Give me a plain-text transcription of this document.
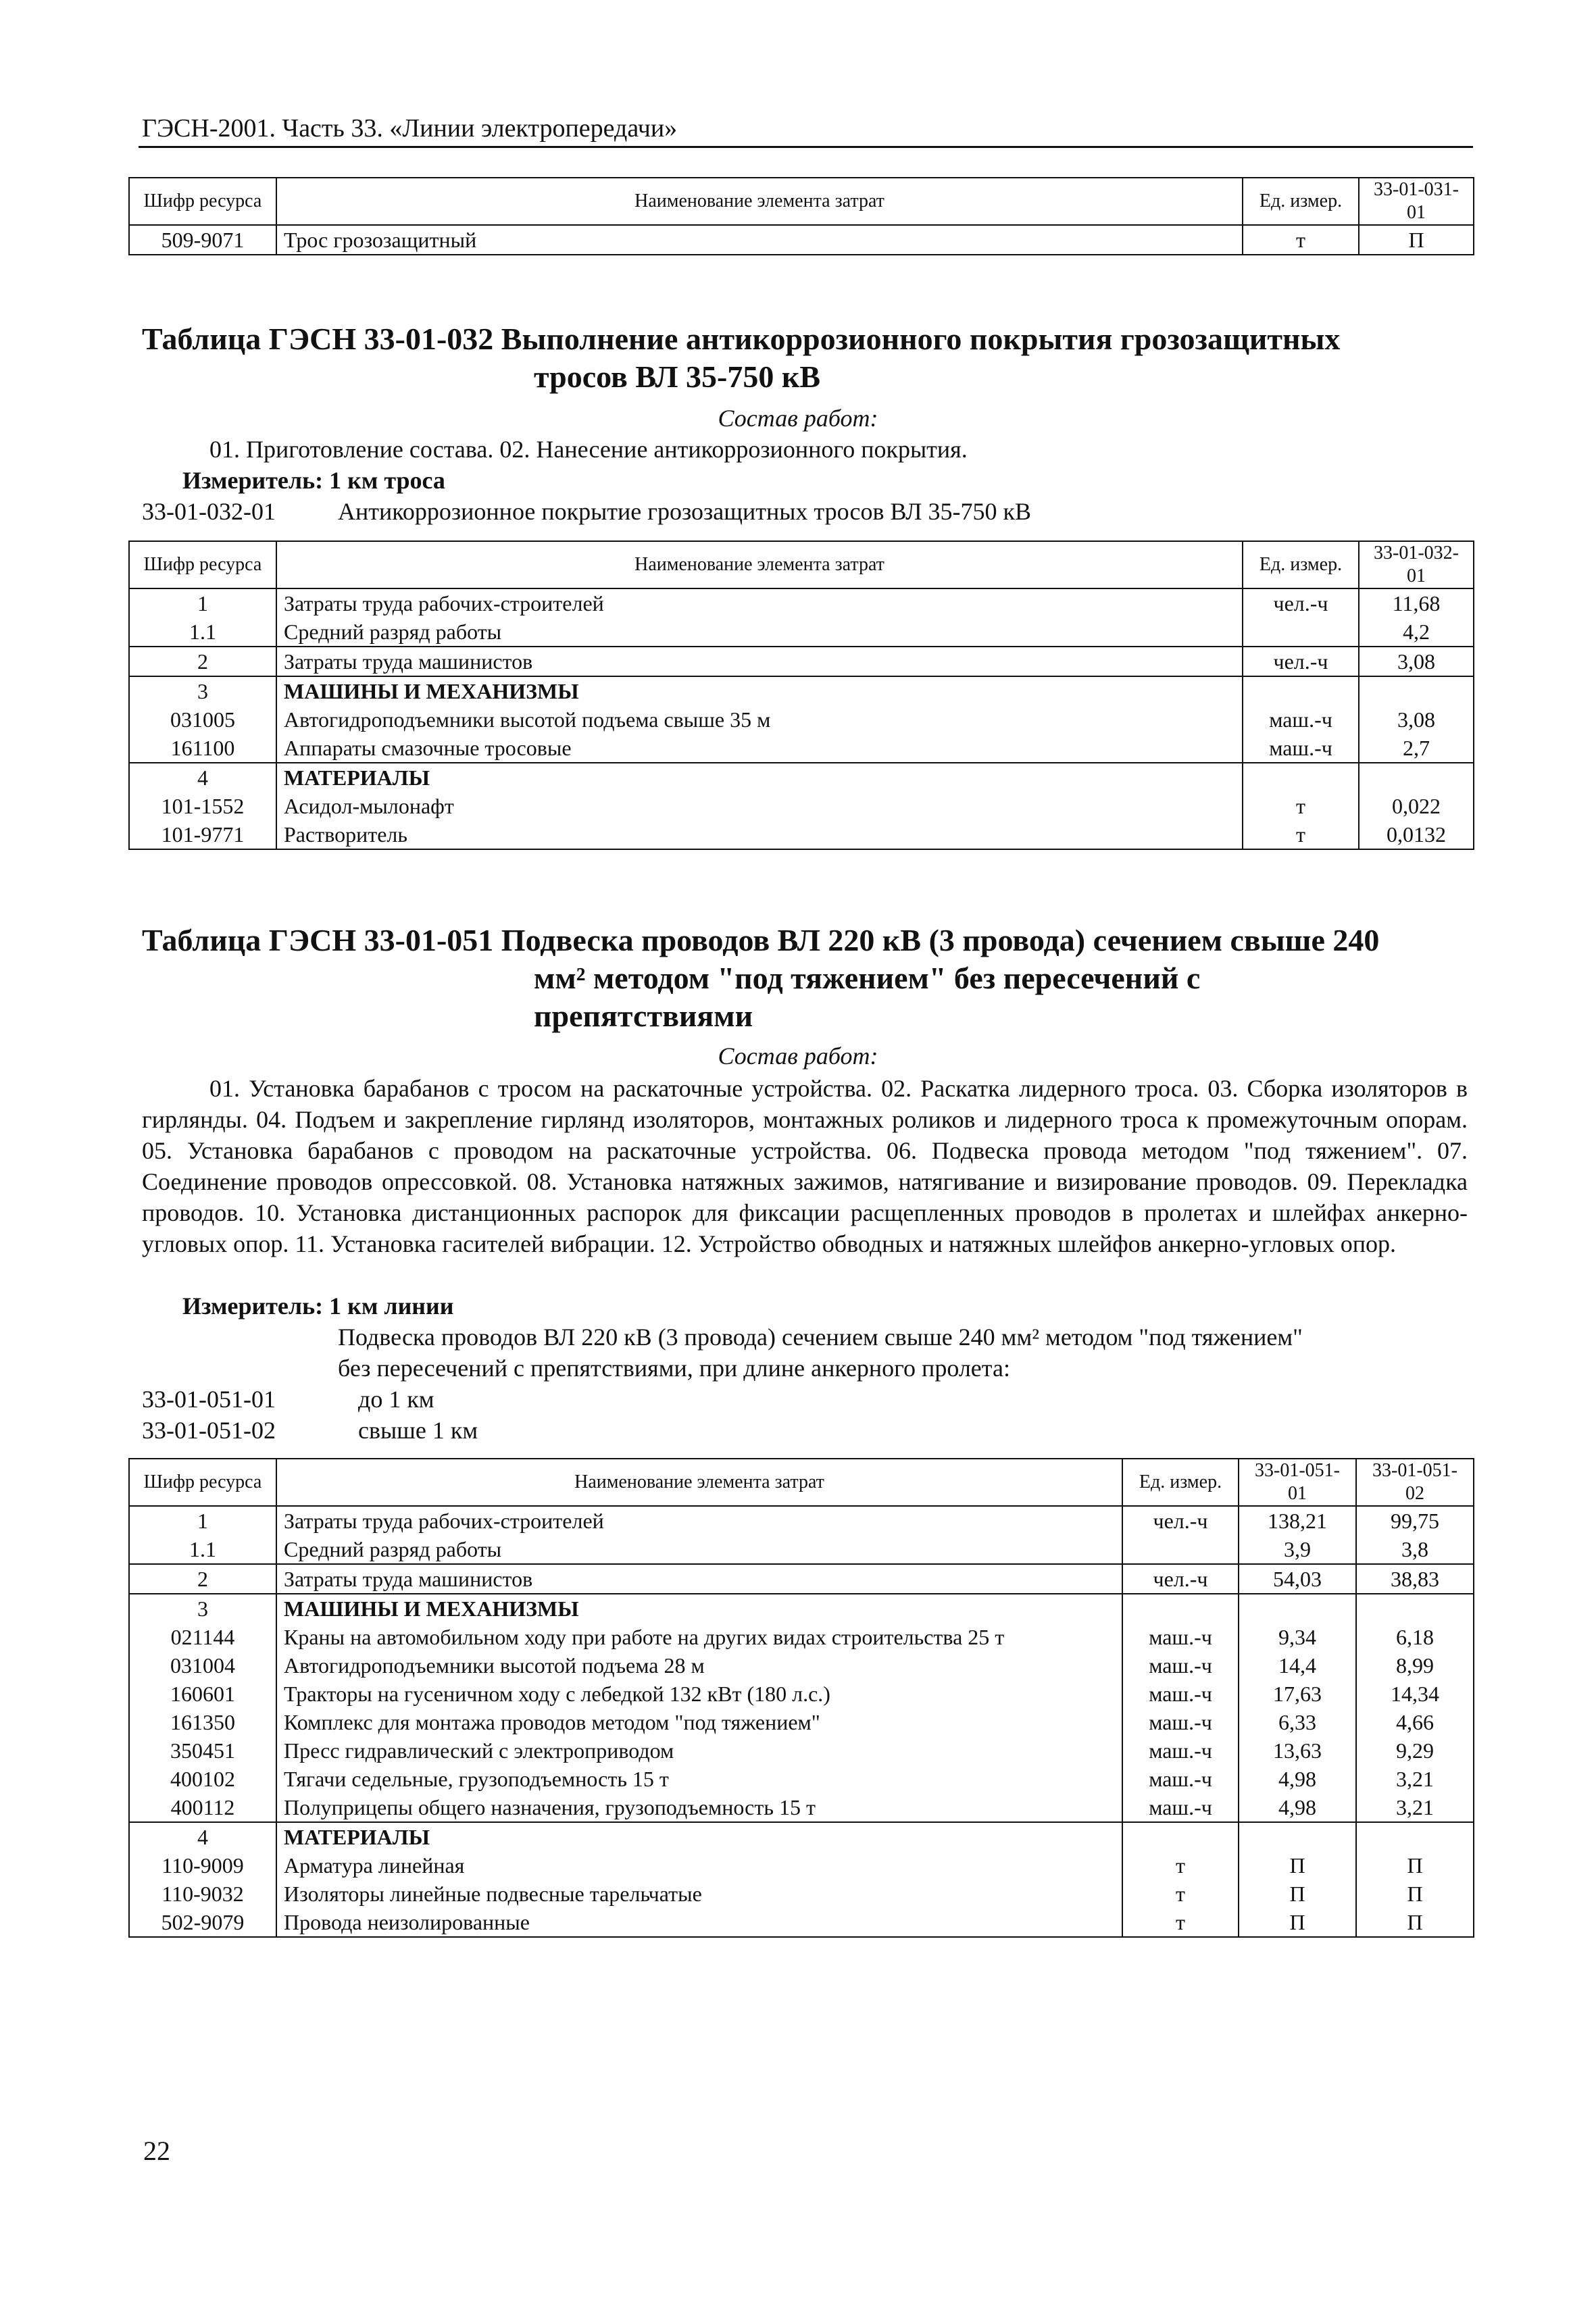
ГЭСН-2001. Часть 33. «Линии электропередачи»
Шифр ресурса	Наименование элемента затрат	Ед. измер.	33-01-031-01
509-9071	Трос грозозащитный	т	П
Таблица ГЭСН 33-01-032 Выполнение антикоррозионного покрытия грозозащитных
тросов ВЛ 35-750 кВ
Состав работ:
01. Приготовление состава. 02. Нанесение антикоррозионного покрытия.
Измеритель: 1 км троса
33-01-032-01	Антикоррозионное покрытие грозозащитных тросов ВЛ 35-750 кВ
Шифр ресурса	Наименование элемента затрат	Ед. измер.	33-01-032-01
1	Затраты труда рабочих-строителей	чел.-ч	11,68
1.1	Средний разряд работы		4,2
2	Затраты труда машинистов	чел.-ч	3,08
3	МАШИНЫ И МЕХАНИЗМЫ		
031005	Автогидроподъемники высотой подъема свыше 35 м	маш.-ч	3,08
161100	Аппараты смазочные тросовые	маш.-ч	2,7
4	МАТЕРИАЛЫ		
101-1552	Асидол-мылонафт	т	0,022
101-9771	Растворитель	т	0,0132
Таблица ГЭСН 33-01-051 Подвеска проводов ВЛ 220 кВ (3 провода) сечением свыше 240
мм² методом "под тяжением" без пересечений с
препятствиями
Состав работ:
01. Установка барабанов с тросом на раскаточные устройства. 02. Раскатка лидерного троса. 03. Сборка изоляторов в гирлянды. 04. Подъем и закрепление гирлянд изоляторов, монтажных роликов и лидерного троса к промежуточным опорам. 05. Установка барабанов с проводом на раскаточные устройства. 06. Подвеска провода методом "под тяжением". 07. Соединение проводов опрессовкой. 08. Установка натяжных зажимов, натягивание и визирование проводов. 09. Перекладка проводов. 10. Установка дистанционных распорок для фиксации расщепленных проводов в пролетах и шлейфах анкерно-угловых опор. 11. Установка гасителей вибрации. 12. Устройство обводных и натяжных шлейфов анкерно-угловых опор.
Измеритель: 1 км линии
Подвеска проводов ВЛ 220 кВ (3 провода) сечением свыше 240 мм² методом "под тяжением"
без пересечений с препятствиями, при длине анкерного пролета:
33-01-051-01	до 1 км
33-01-051-02	свыше 1 км
Шифр ресурса	Наименование элемента затрат	Ед. измер.	33-01-051-01	33-01-051-02
1	Затраты труда рабочих-строителей	чел.-ч	138,21	99,75
1.1	Средний разряд работы		3,9	3,8
2	Затраты труда машинистов	чел.-ч	54,03	38,83
3	МАШИНЫ И МЕХАНИЗМЫ			
021144	Краны на автомобильном ходу при работе на других видах строительства 25 т	маш.-ч	9,34	6,18
031004	Автогидроподъемники высотой подъема 28 м	маш.-ч	14,4	8,99
160601	Тракторы на гусеничном ходу с лебедкой 132 кВт (180 л.с.)	маш.-ч	17,63	14,34
161350	Комплекс для монтажа проводов методом "под тяжением"	маш.-ч	6,33	4,66
350451	Пресс гидравлический с электроприводом	маш.-ч	13,63	9,29
400102	Тягачи седельные, грузоподъемность 15 т	маш.-ч	4,98	3,21
400112	Полуприцепы общего назначения, грузоподъемность 15 т	маш.-ч	4,98	3,21
4	МАТЕРИАЛЫ			
110-9009	Арматура линейная	т	П	П
110-9032	Изоляторы линейные подвесные тарельчатые	т	П	П
502-9079	Провода неизолированные	т	П	П
22
